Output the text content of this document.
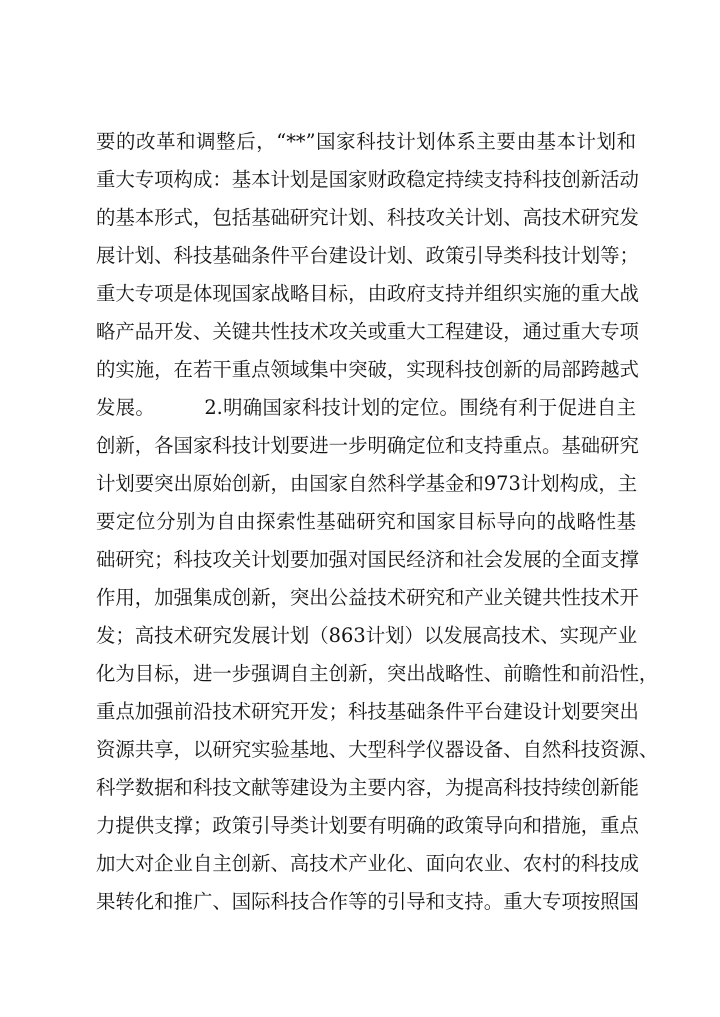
要的改革和调整后，“**”国家科技计划体系主要由基本计划和
重大专项构成：基本计划是国家财政稳定持续支持科技创新活动
的基本形式，包括基础研究计划、科技攻关计划、高技术研究发
展计划、科技基础条件平台建设计划、政策引导类科技计划等；
重大专项是体现国家战略目标，由政府支持并组织实施的重大战
略产品开发、关键共性技术攻关或重大工程建设，通过重大专项
的实施，在若干重点领域集中突破，实现科技创新的局部跨越式
发展。　　　2.明确国家科技计划的定位。围绕有利于促进自主
创新，各国家科技计划要进一步明确定位和支持重点。基础研究
计划要突出原始创新，由国家自然科学基金和973计划构成，主
要定位分别为自由探索性基础研究和国家目标导向的战略性基
础研究；科技攻关计划要加强对国民经济和社会发展的全面支撑
作用，加强集成创新，突出公益技术研究和产业关键共性技术开
发；高技术研究发展计划（863计划）以发展高技术、实现产业
化为目标，进一步强调自主创新，突出战略性、前瞻性和前沿性，
重点加强前沿技术研究开发；科技基础条件平台建设计划要突出
资源共享，以研究实验基地、大型科学仪器设备、自然科技资源、
科学数据和科技文献等建设为主要内容，为提高科技持续创新能
力提供支撑；政策引导类计划要有明确的政策导向和措施，重点
加大对企业自主创新、高技术产业化、面向农业、农村的科技成
果转化和推广、国际科技合作等的引导和支持。重大专项按照国
